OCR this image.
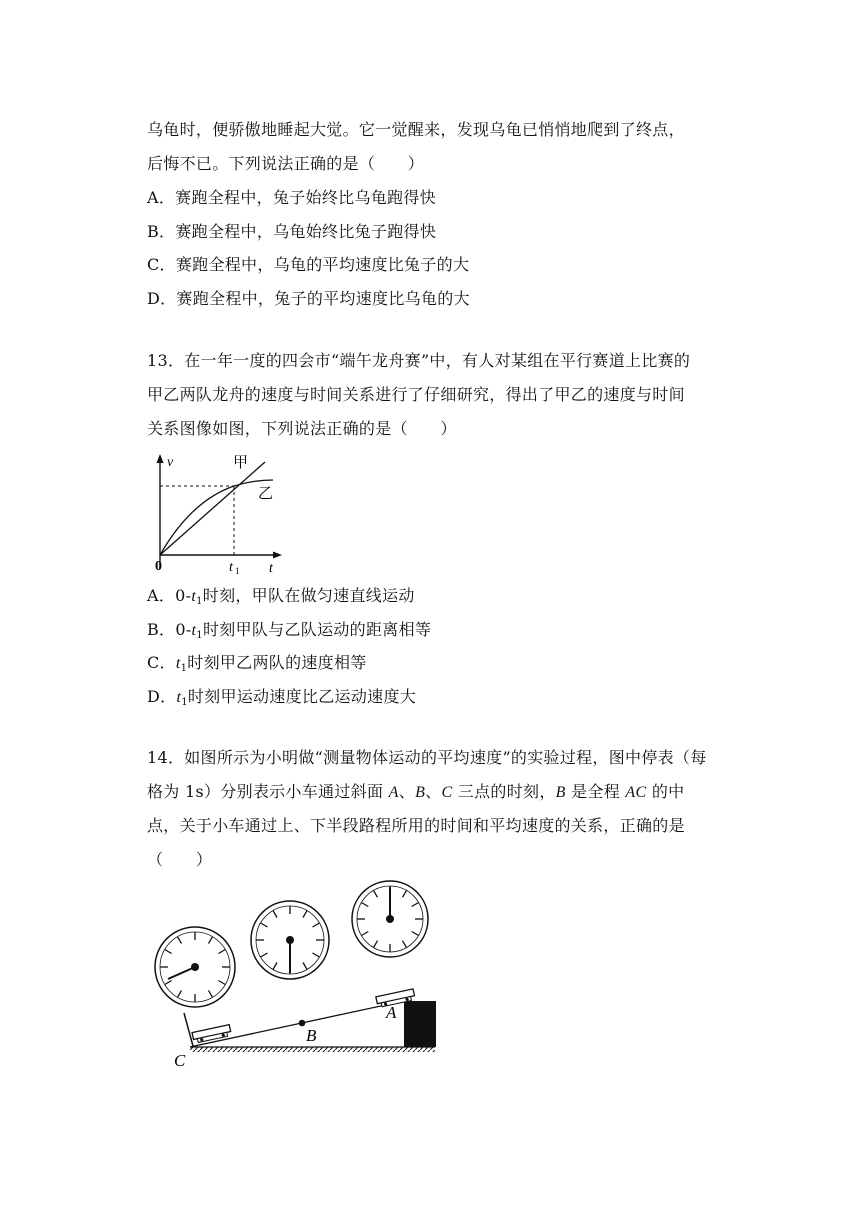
乌龟时，便骄傲地睡起大觉。它一觉醒来，发现乌龟已悄悄地爬到了终点，
后悔不已。下列说法正确的是（　　）
A．赛跑全程中，兔子始终比乌龟跑得快
B．赛跑全程中，乌龟始终比兔子跑得快
C．赛跑全程中，乌龟的平均速度比兔子的大
D．赛跑全程中，兔子的平均速度比乌龟的大
13．在一年一度的四会市“端午龙舟赛”中，有人对某组在平行赛道上比赛的
甲乙两队龙舟的速度与时间关系进行了仔细研究，得出了甲乙的速度与时间
关系图像如图，下列说法正确的是（　　）
v	甲
乙
0	t 1 t
A．$0-t_1$时刻，甲队在做匀速直线运动
B．$0-t_1$时刻甲队与乙队运动的距离相等
C．$t_1$时刻甲乙两队的速度相等
D．$t_1$时刻甲运动速度比乙运动速度大
14．如图所示为小明做“测量物体运动的平均速度”的实验过程，图中停表（每
格为 1s）分别表示小车通过斜面 A、B、C 三点的时刻，B 是全程 AC 的中
点，关于小车通过上、下半段路程所用的时间和平均速度的关系，正确的是
（　　）
A
B
C
